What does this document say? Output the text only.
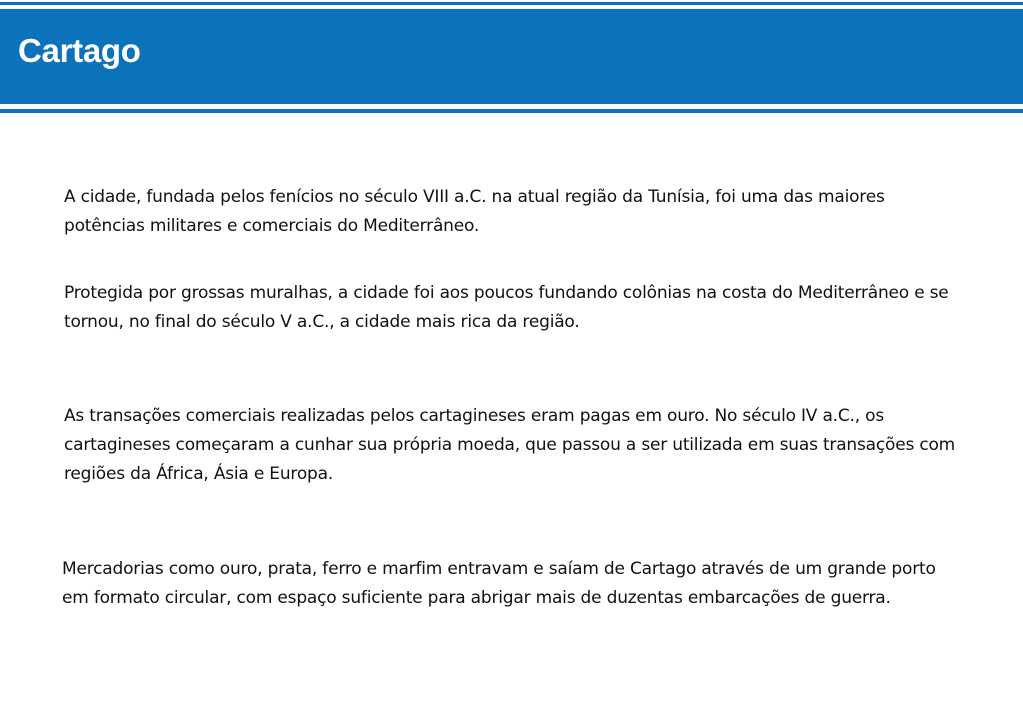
Cartago

A cidade, fundada pelos fenícios no século VIII a.C. na atual região da Tunísia, foi uma das maiores potências militares e comerciais do Mediterrâneo.

Protegida por grossas muralhas, a cidade foi aos poucos fundando colônias na costa do Mediterrâneo e se tornou, no final do século V a.C., a cidade mais rica da região.

As transações comerciais realizadas pelos cartagineses eram pagas em ouro. No século IV a.C., os cartagineses começaram a cunhar sua própria moeda, que passou a ser utilizada em suas transações com regiões da África, Ásia e Europa.

Mercadorias como ouro, prata, ferro e marfim entravam e saíam de Cartago através de um grande porto em formato circular, com espaço suficiente para abrigar mais de duzentas embarcações de guerra.
